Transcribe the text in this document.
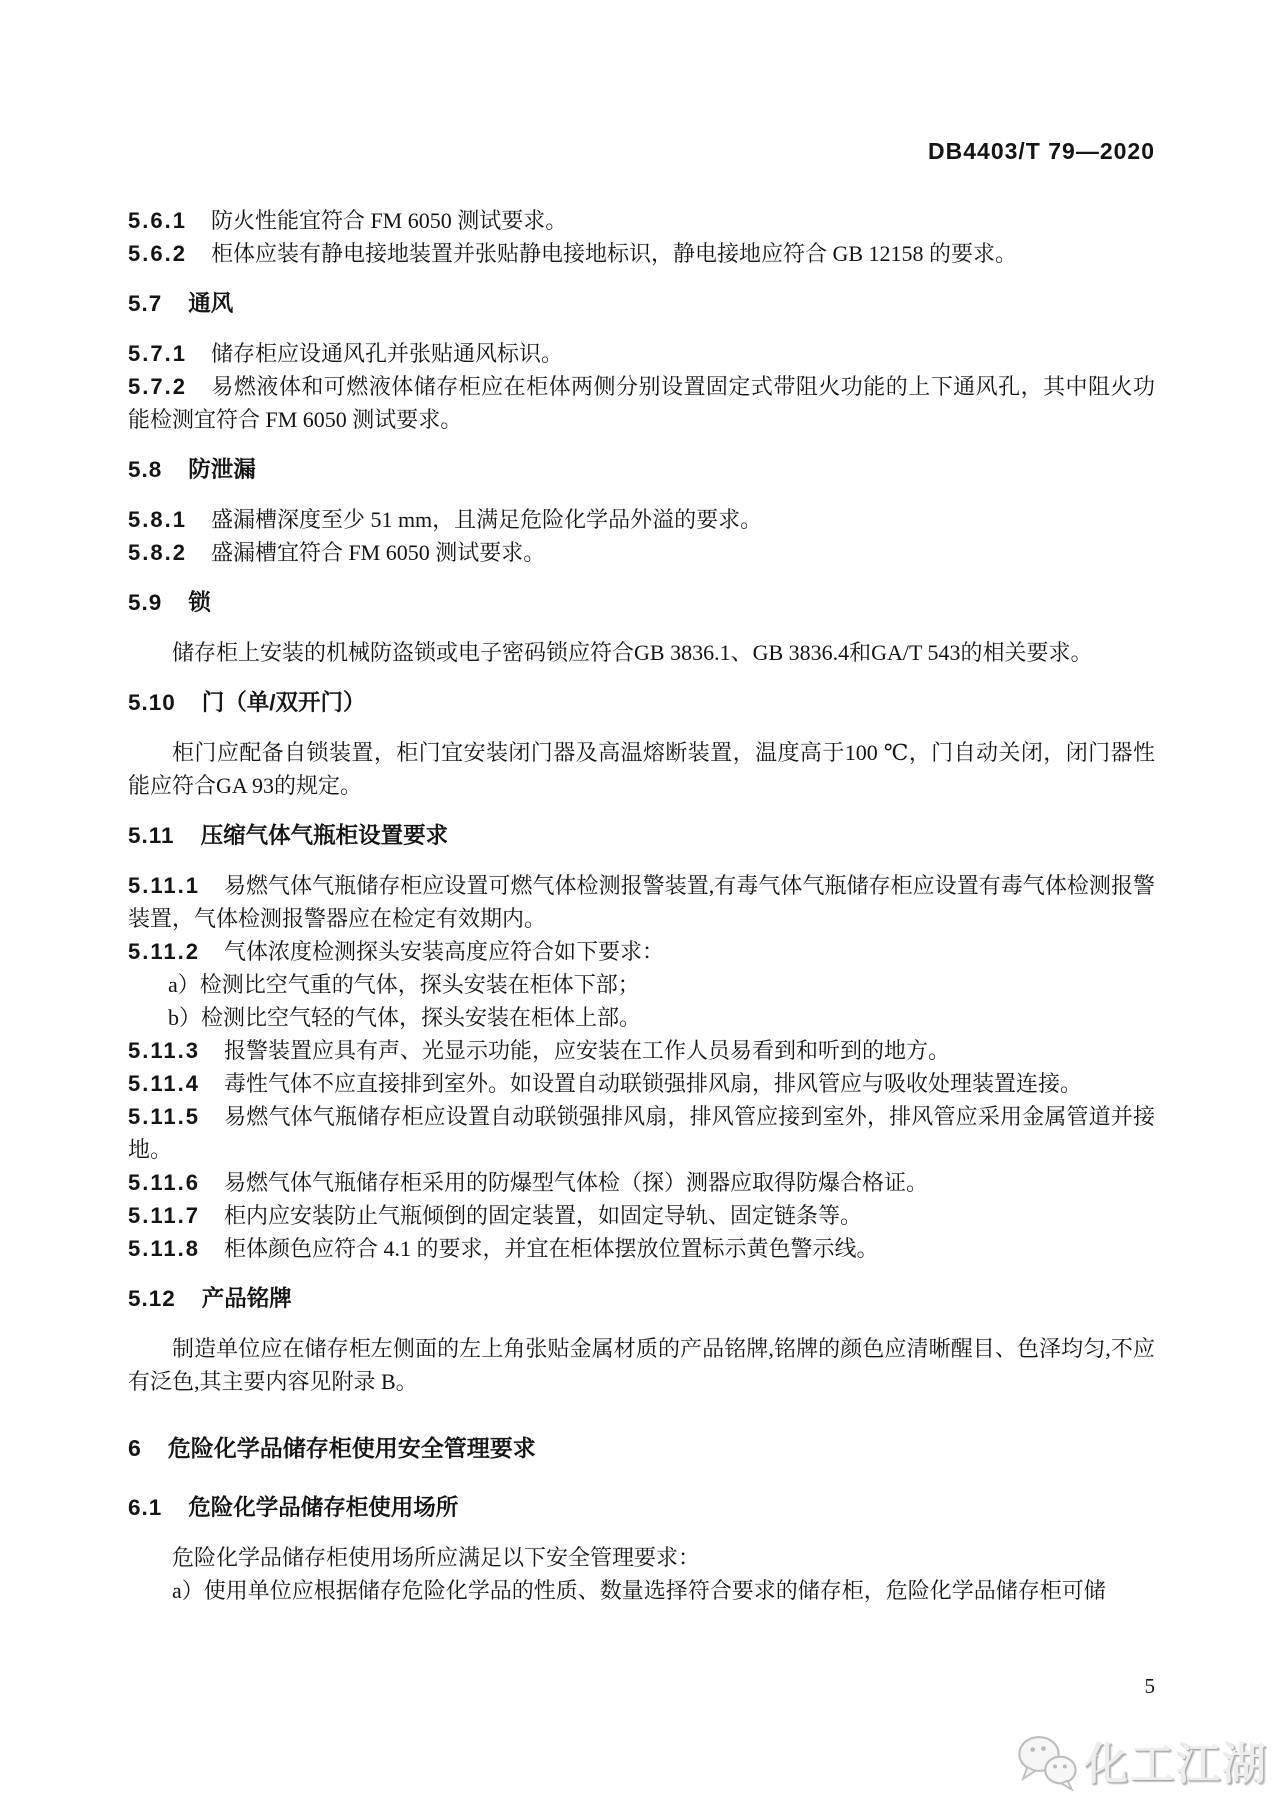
DB4403/T 79—2020

5.6.1 防火性能宜符合 FM 6050 测试要求。

5.6.2 柜体应装有静电接地装置并张贴静电接地标识，静电接地应符合 GB 12158 的要求。

5.7 通风

5.7.1 储存柜应设通风孔并张贴通风标识。

5.7.2 易燃液体和可燃液体储存柜应在柜体两侧分别设置固定式带阻火功能的上下通风孔，其中阻火功能检测宜符合 FM 6050 测试要求。

5.8 防泄漏

5.8.1 盛漏槽深度至少 51 mm，且满足危险化学品外溢的要求。

5.8.2 盛漏槽宜符合 FM 6050 测试要求。

5.9 锁

储存柜上安装的机械防盗锁或电子密码锁应符合GB 3836.1、GB 3836.4和GA/T 543的相关要求。

5.10 门（单/双开门）

柜门应配备自锁装置，柜门宜安装闭门器及高温熔断装置，温度高于100 ℃，门自动关闭，闭门器性能应符合GA 93的规定。

5.11 压缩气体气瓶柜设置要求

5.11.1 易燃气体气瓶储存柜应设置可燃气体检测报警装置,有毒气体气瓶储存柜应设置有毒气体检测报警装置，气体检测报警器应在检定有效期内。

5.11.2 气体浓度检测探头安装高度应符合如下要求：

a）检测比空气重的气体，探头安装在柜体下部；

b）检测比空气轻的气体，探头安装在柜体上部。

5.11.3 报警装置应具有声、光显示功能，应安装在工作人员易看到和听到的地方。

5.11.4 毒性气体不应直接排到室外。如设置自动联锁强排风扇，排风管应与吸收处理装置连接。

5.11.5 易燃气体气瓶储存柜应设置自动联锁强排风扇，排风管应接到室外，排风管应采用金属管道并接地。

5.11.6 易燃气体气瓶储存柜采用的防爆型气体检（探）测器应取得防爆合格证。

5.11.7 柜内应安装防止气瓶倾倒的固定装置，如固定导轨、固定链条等。

5.11.8 柜体颜色应符合 4.1 的要求，并宜在柜体摆放位置标示黄色警示线。

5.12 产品铭牌

制造单位应在储存柜左侧面的左上角张贴金属材质的产品铭牌,铭牌的颜色应清晰醒目、色泽均匀,不应有泛色,其主要内容见附录 B。

6 危险化学品储存柜使用安全管理要求
6.1 危险化学品储存柜使用场所

危险化学品储存柜使用场所应满足以下安全管理要求：

a）使用单位应根据储存危险化学品的性质、数量选择符合要求的储存柜，危险化学品储存柜可储

5
化工江湖
